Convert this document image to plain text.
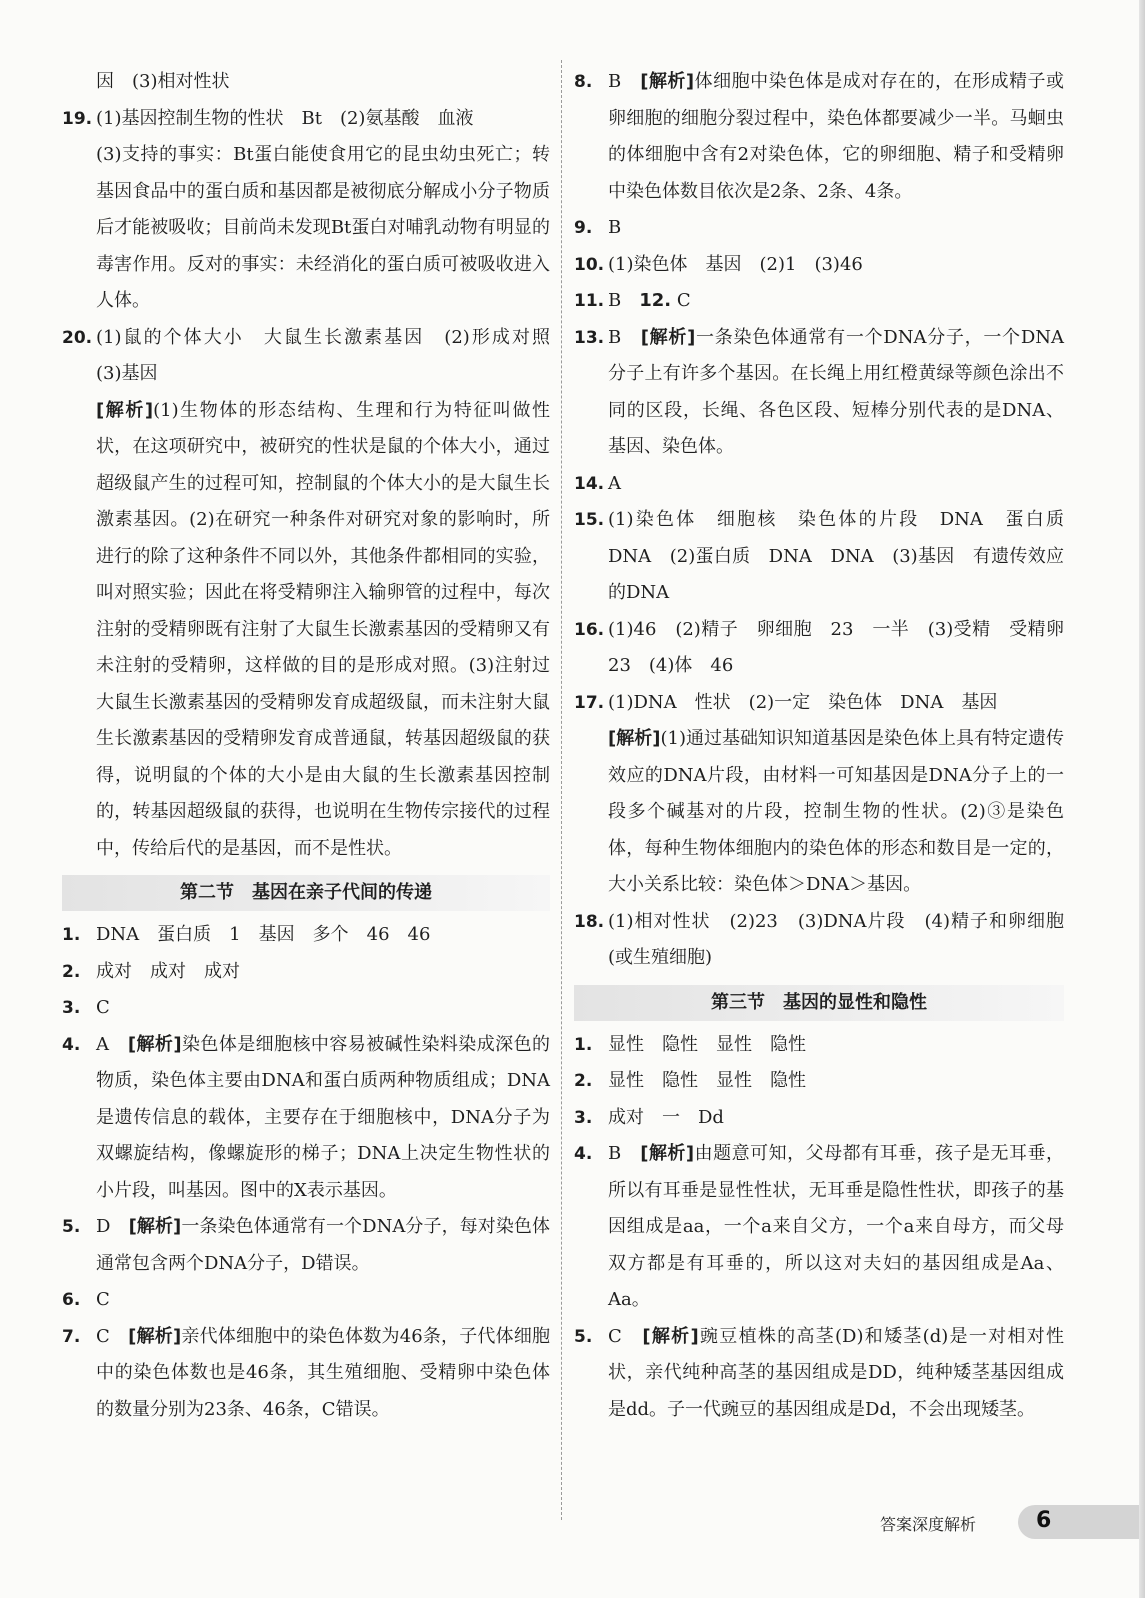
因　(3)相对性状
19. (1)基因控制生物的性状　Bt　(2)氨基酸　血液
(3)支持的事实：Bt蛋白能使食用它的昆虫幼虫死亡；转基因食品中的蛋白质和基因都是被彻底分解成小分子物质后才能被吸收；目前尚未发现Bt蛋白对哺乳动物有明显的毒害作用。反对的事实：未经消化的蛋白质可被吸收进入人体。
20. (1)鼠的个体大小　大鼠生长激素基因　(2)形成对照　(3)基因
[解析](1)生物体的形态结构、生理和行为特征叫做性状，在这项研究中，被研究的性状是鼠的个体大小，通过超级鼠产生的过程可知，控制鼠的个体大小的是大鼠生长激素基因。(2)在研究一种条件对研究对象的影响时，所进行的除了这种条件不同以外，其他条件都相同的实验，叫对照实验；因此在将受精卵注入输卵管的过程中，每次注射的受精卵既有注射了大鼠生长激素基因的受精卵又有未注射的受精卵，这样做的目的是形成对照。(3)注射过大鼠生长激素基因的受精卵发育成超级鼠，而未注射大鼠生长激素基因的受精卵发育成普通鼠，转基因超级鼠的获得，说明鼠的个体的大小是由大鼠的生长激素基因控制的，转基因超级鼠的获得，也说明在生物传宗接代的过程中，传给后代的是基因，而不是性状。
第二节　基因在亲子代间的传递
1. DNA　蛋白质　1　基因　多个　46　46
2. 成对　成对　成对
3. C
4. A　[解析]染色体是细胞核中容易被碱性染料染成深色的物质，染色体主要由DNA和蛋白质两种物质组成；DNA是遗传信息的载体，主要存在于细胞核中，DNA分子为双螺旋结构，像螺旋形的梯子；DNA上决定生物性状的小片段，叫基因。图中的X表示基因。
5. D　[解析]一条染色体通常有一个DNA分子，每对染色体通常包含两个DNA分子，D错误。
6. C
7. C　[解析]亲代体细胞中的染色体数为46条，子代体细胞中的染色体数也是46条，其生殖细胞、受精卵中染色体的数量分别为23条、46条，C错误。
8. B　[解析]体细胞中染色体是成对存在的，在形成精子或卵细胞的细胞分裂过程中，染色体都要减少一半。马蛔虫的体细胞中含有2对染色体，它的卵细胞、精子和受精卵中染色体数目依次是2条、2条、4条。
9. B
10. (1)染色体　基因　(2)1　(3)46
11. B　12. C
13. B　[解析]一条染色体通常有一个DNA分子，一个DNA分子上有许多个基因。在长绳上用红橙黄绿等颜色涂出不同的区段，长绳、各色区段、短棒分别代表的是DNA、基因、染色体。
14. A
15. (1)染色体　细胞核　染色体的片段　DNA　蛋白质　DNA　(2)蛋白质　DNA　DNA　(3)基因　有遗传效应的DNA
16. (1)46　(2)精子　卵细胞　23　一半　(3)受精　受精卵　23　(4)体　46
17. (1)DNA　性状　(2)一定　染色体　DNA　基因
[解析](1)通过基础知识知道基因是染色体上具有特定遗传效应的DNA片段，由材料一可知基因是DNA分子上的一段多个碱基对的片段，控制生物的性状。(2)③是染色体，每种生物体细胞内的染色体的形态和数目是一定的，大小关系比较：染色体＞DNA＞基因。
18. (1)相对性状　(2)23　(3)DNA片段　(4)精子和卵细胞(或生殖细胞)
第三节　基因的显性和隐性
1. 显性　隐性　显性　隐性
2. 显性　隐性　显性　隐性
3. 成对　一　Dd
4. B　[解析]由题意可知，父母都有耳垂，孩子是无耳垂，所以有耳垂是显性性状，无耳垂是隐性性状，即孩子的基因组成是aa，一个a来自父方，一个a来自母方，而父母双方都是有耳垂的，所以这对夫妇的基因组成是Aa、Aa。
5. C　[解析]豌豆植株的高茎(D)和矮茎(d)是一对相对性状，亲代纯种高茎的基因组成是DD，纯种矮茎基因组成是dd。子一代豌豆的基因组成是Dd，不会出现矮茎。
答案深度解析	6
